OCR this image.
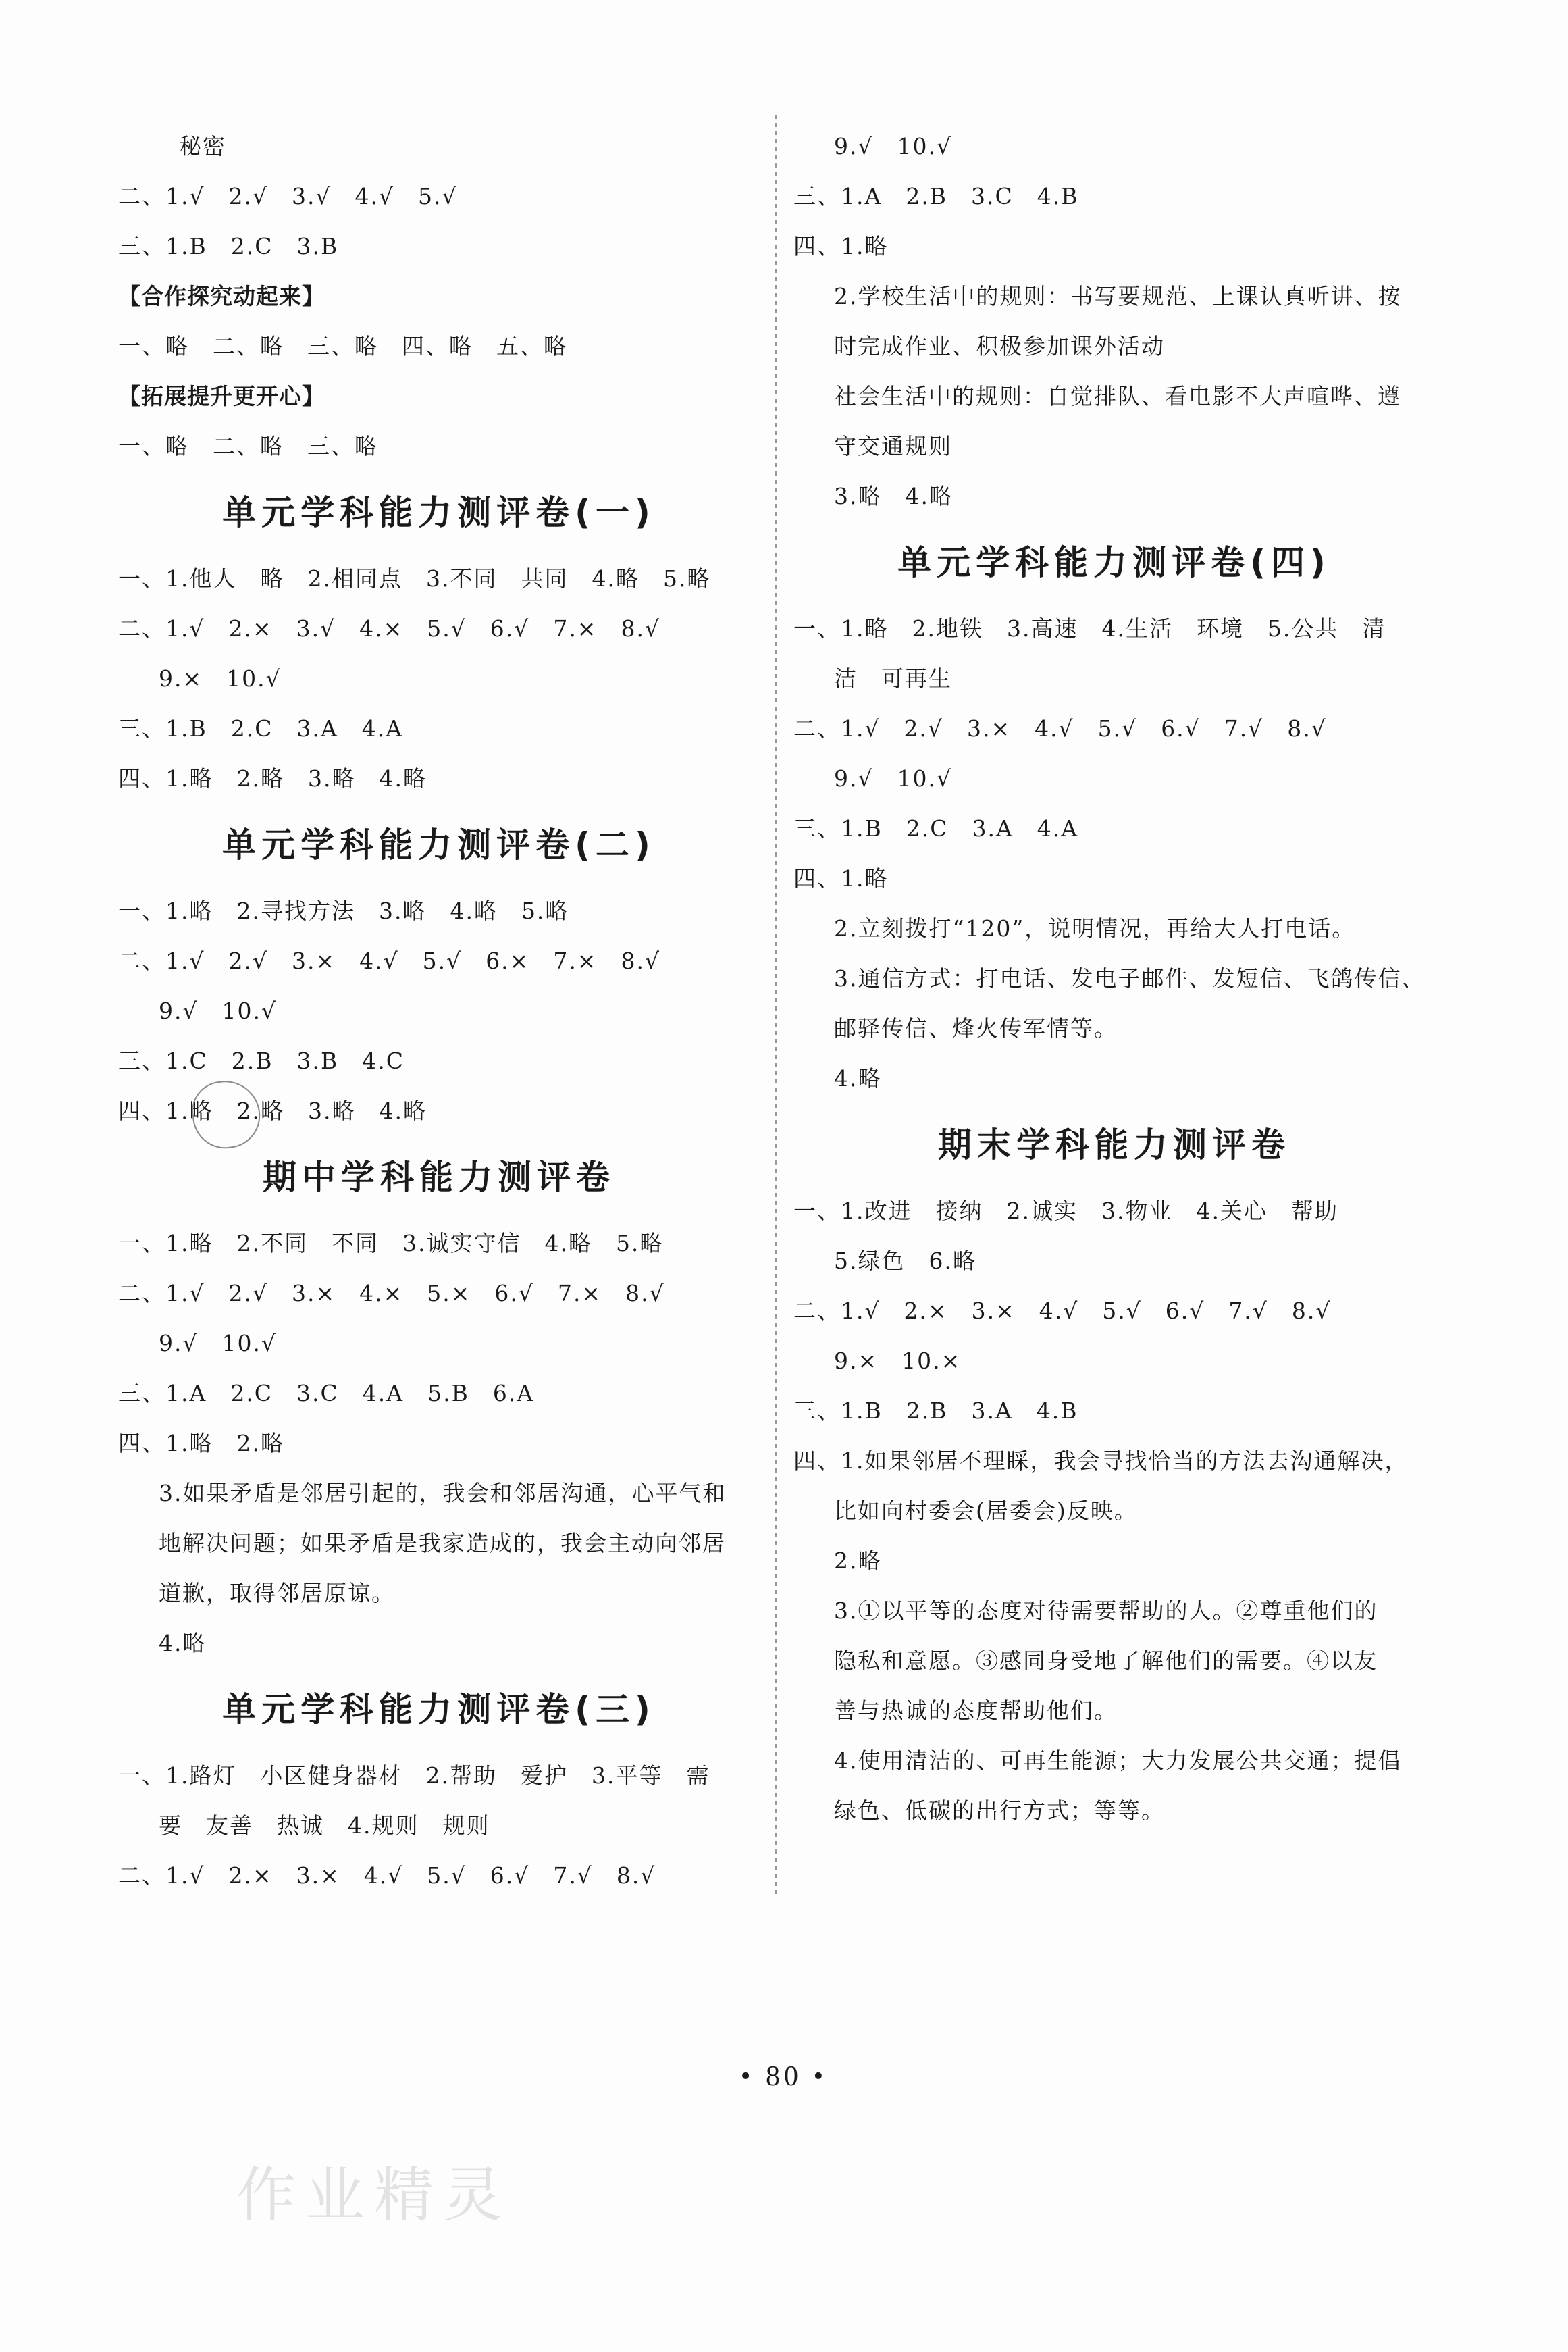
秘密
二、1.√　2.√　3.√　4.√　5.√
三、1.B　2.C　3.B
【合作探究动起来】
一、略　二、略　三、略　四、略　五、略
【拓展提升更开心】
一、略　二、略　三、略
单元学科能力测评卷(一)
一、1.他人　略　2.相同点　3.不同　共同　4.略　5.略
二、1.√　2.×　3.√　4.×　5.√　6.√　7.×　8.√
9.×　10.√
三、1.B　2.C　3.A　4.A
四、1.略　2.略　3.略　4.略
单元学科能力测评卷(二)
一、1.略　2.寻找方法　3.略　4.略　5.略
二、1.√　2.√　3.×　4.√　5.√　6.×　7.×　8.√
9.√　10.√
三、1.C　2.B　3.B　4.C
四、1.略　2.略　3.略　4.略
期中学科能力测评卷
一、1.略　2.不同　不同　3.诚实守信　4.略　5.略
二、1.√　2.√　3.×　4.×　5.×　6.√　7.×　8.√
9.√　10.√
三、1.A　2.C　3.C　4.A　5.B　6.A
四、1.略　2.略
3.如果矛盾是邻居引起的，我会和邻居沟通，心平气和
地解决问题；如果矛盾是我家造成的，我会主动向邻居
道歉，取得邻居原谅。
4.略
单元学科能力测评卷(三)
一、1.路灯　小区健身器材　2.帮助　爱护　3.平等　需
要　友善　热诚　4.规则　规则
二、1.√　2.×　3.×　4.√　5.√　6.√　7.√　8.√
9.√　10.√
三、1.A　2.B　3.C　4.B
四、1.略
2.学校生活中的规则：书写要规范、上课认真听讲、按
时完成作业、积极参加课外活动
社会生活中的规则：自觉排队、看电影不大声喧哗、遵
守交通规则
3.略　4.略
单元学科能力测评卷(四)
一、1.略　2.地铁　3.高速　4.生活　环境　5.公共　清
洁　可再生
二、1.√　2.√　3.×　4.√　5.√　6.√　7.√　8.√
9.√　10.√
三、1.B　2.C　3.A　4.A
四、1.略
2.立刻拨打“120”，说明情况，再给大人打电话。
3.通信方式：打电话、发电子邮件、发短信、飞鸽传信、
邮驿传信、烽火传军情等。
4.略
期末学科能力测评卷
一、1.改进　接纳　2.诚实　3.物业　4.关心　帮助
5.绿色　6.略
二、1.√　2.×　3.×　4.√　5.√　6.√　7.√　8.√
9.×　10.×
三、1.B　2.B　3.A　4.B
四、1.如果邻居不理睬，我会寻找恰当的方法去沟通解决，
比如向村委会(居委会)反映。
2.略
3.①以平等的态度对待需要帮助的人。②尊重他们的
隐私和意愿。③感同身受地了解他们的需要。④以友
善与热诚的态度帮助他们。
4.使用清洁的、可再生能源；大力发展公共交通；提倡
绿色、低碳的出行方式；等等。
• 80 •
作业精灵
